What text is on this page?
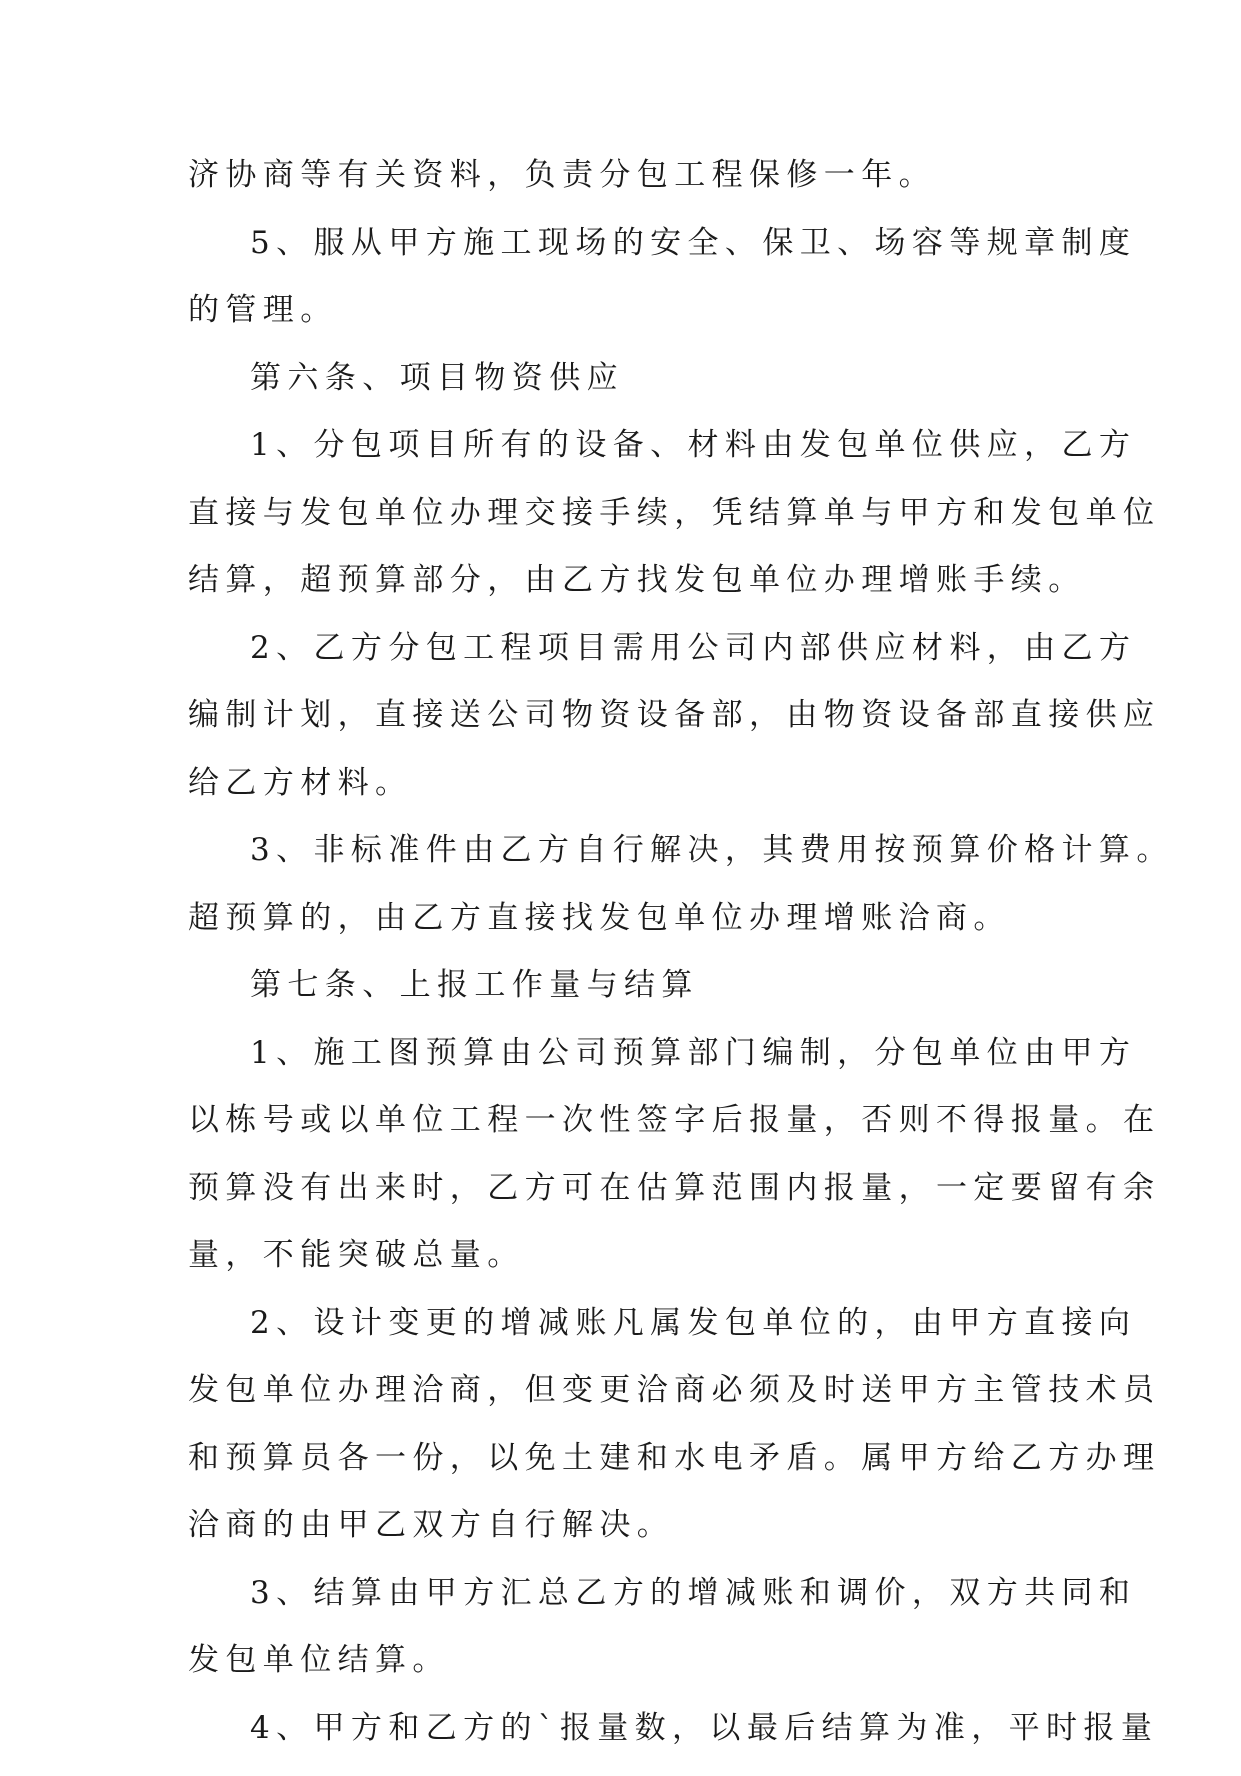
济协商等有关资料，负责分包工程保修一年。
5、服从甲方施工现场的安全、保卫、场容等规章制度
的管理。
第六条、项目物资供应
1、分包项目所有的设备、材料由发包单位供应，乙方
直接与发包单位办理交接手续，凭结算单与甲方和发包单位
结算，超预算部分，由乙方找发包单位办理增账手续。
2、乙方分包工程项目需用公司内部供应材料，由乙方
编制计划，直接送公司物资设备部，由物资设备部直接供应
给乙方材料。
3、非标准件由乙方自行解决，其费用按预算价格计算。
超预算的，由乙方直接找发包单位办理增账洽商。
第七条、上报工作量与结算
1、施工图预算由公司预算部门编制，分包单位由甲方
以栋号或以单位工程一次性签字后报量，否则不得报量。在
预算没有出来时，乙方可在估算范围内报量，一定要留有余
量，不能突破总量。
2、设计变更的增减账凡属发包单位的，由甲方直接向
发包单位办理洽商，但变更洽商必须及时送甲方主管技术员
和预算员各一份，以免土建和水电矛盾。属甲方给乙方办理
洽商的由甲乙双方自行解决。
3、结算由甲方汇总乙方的增减账和调价，双方共同和
发包单位结算。
4、甲方和乙方的`报量数，以最后结算为准，平时报量
